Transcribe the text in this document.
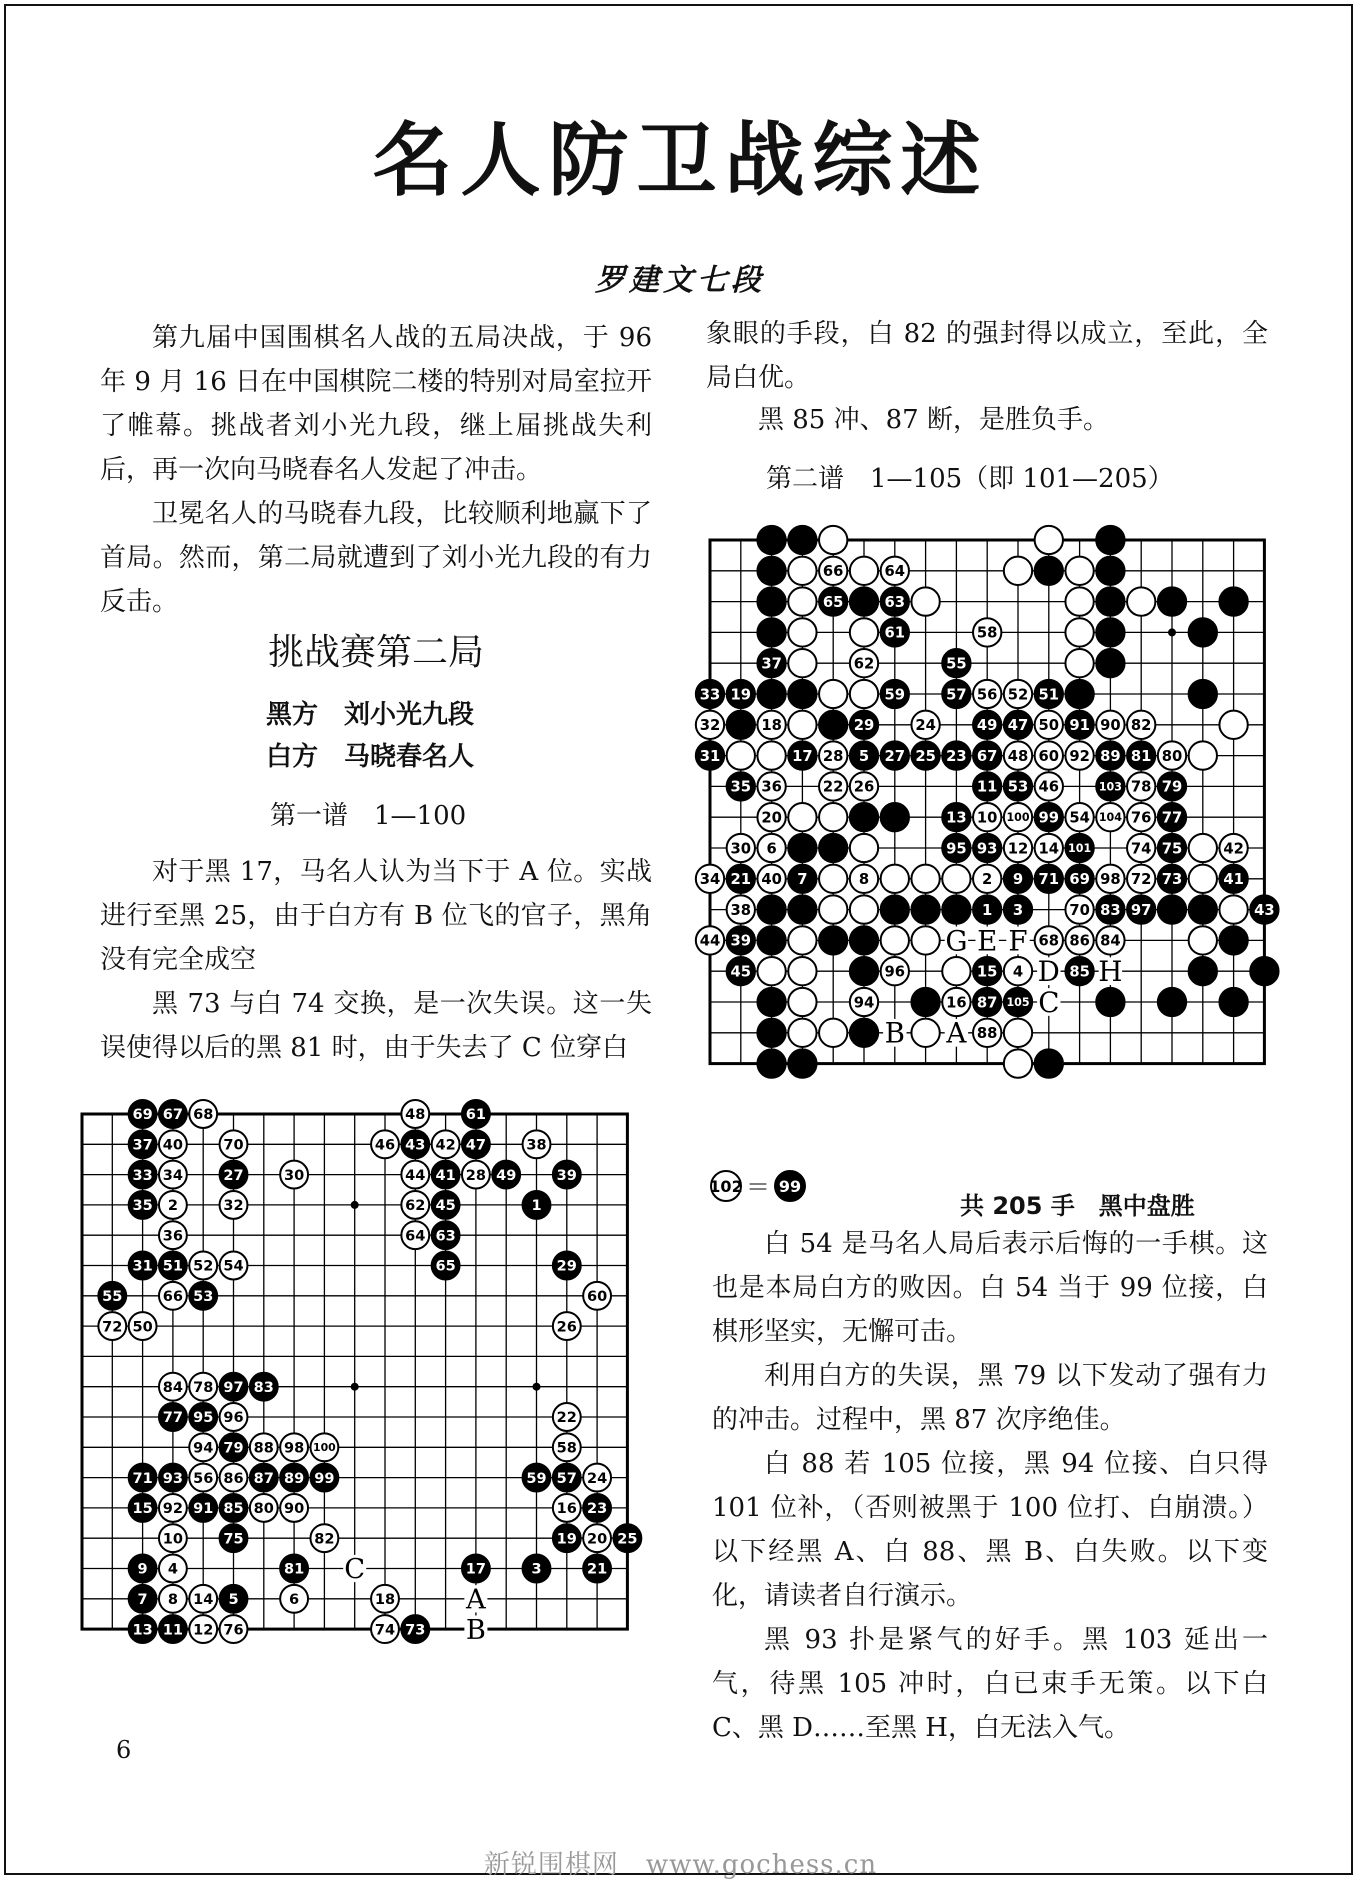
名人防卫战综述
罗建文七段

第九届中国围棋名人战的五局决战，于 96 年 9 月 16 日在中国棋院二楼的特别对局室拉开了帷幕。挑战者刘小光九段，继上届挑战失利后，再一次向马晓春名人发起了冲击。

卫冕名人的马晓春九段，比较顺利地赢下了首局。然而，第二局就遭到了刘小光九段的有力反击。

挑战赛第二局
黑方　刘小光九段
白方　马晓春名人
第一谱　1—100

对于黑 17，马名人认为当下于 A 位。实战进行至黑 25，由于白方有 B 位飞的官子，黑角没有完全成空

黑 73 与白 74 交换，是一次失误。这一失误使得以后的黑 81 时，由于失去了 C 位穿白

象眼的手段，白 82 的强封得以成立，至此，全局白优。

黑 85 冲、87 断，是胜负手。

第二谱　1—105（即 101—205）
69 67 68	48	61
37 40	70	46 43 42 47	38
33 34	27	30	44 41 28 49	39
35 2	32	62 45	1
36	64 63
31 51 52 54	65	29
55	66 53	60
72 50	26
84 78 97 83
77 95 96	22
94 79 88 98 100	58
71 93 56 86 87 89 99	59 57 24
15 92 91 85 80 90	16 23
10	75	82	19 20 25
9 4	81	17	3	21
7 8 14 5	6	18
13 11 12 76	74 73
C
A
B
66	64
65	63
61	58
37	62	55
33 19	59	57 56 52 51
32	18	29	24	49 47 50 91 90 82
31	17 28 5 27 25 23 67 48 60 92 89 81 80
35 36	22 26	11 53 46	103 78 79
20	13 10 100 99 54 104 76 77
30 6	95 93 12 14 101	74 75	42
34 21 40 7	8	2 9 71 69 98 72 73	41
38	1 3	70 83 97	43
44 39	68 86 84
45	96	15 4	85
94	16 87 105
88
G E F
D H
C
B A
102 ＝ 99
共 205 手　黑中盘胜

白 54 是马名人局后表示后悔的一手棋。这也是本局白方的败因。白 54 当于 99 位接，白棋形坚实，无懈可击。

利用白方的失误，黑 79 以下发动了强有力的冲击。过程中，黑 87 次序绝佳。

白 88 若 105 位接，黑 94 位接、白只得 101 位补，（否则被黑于 100 位打、白崩溃。）以下经黑 A、白 88、黑 B、白失败。以下变化，请读者自行演示。

黑 93 扑是紧气的好手。黑 103 延出一气，待黑 105 冲时，白已束手无策。以下白 C、黑 D……至黑 H，白无法入气。

6
新锐围棋网　www.gochess.cn
